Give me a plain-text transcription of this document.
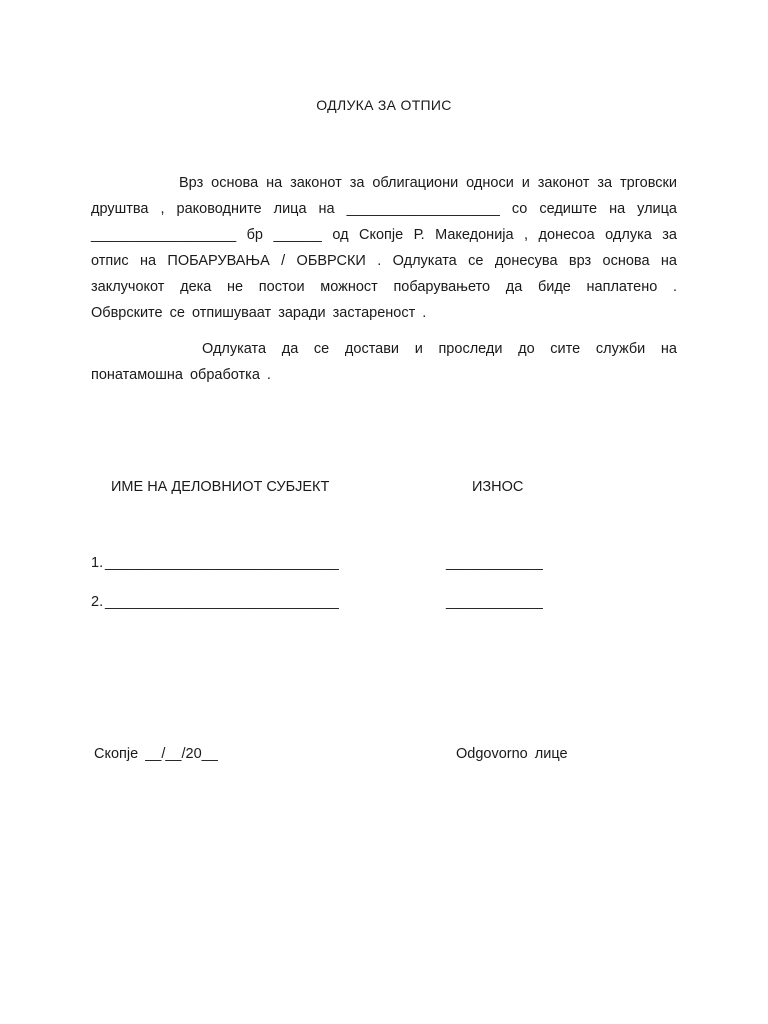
ОДЛУКА ЗА ОТПИС
Врз основа на законот за облигациони односи и законот за трговски друштва , раководните лица на ___________________ со седиште на улица __________________ бр ______ од Скопје Р. Македонија , донесоа одлука за отпис на ПОБАРУВАЊА / ОБВРСКИ . Одлуката се донесува врз основа на заклучокот дека не постои можност побарувањето да биде наплатено . Обврските се отпишуваат заради застареност .
Одлуката да се достави и проследи до сите служби на понатамошна обработка .
ИМЕ НА ДЕЛОВНИОТ СУБЈЕКТ	ИЗНОС
1. _____________________________	____________
2. _____________________________	____________
Скопје __/__/20__	Odgovorno лице
